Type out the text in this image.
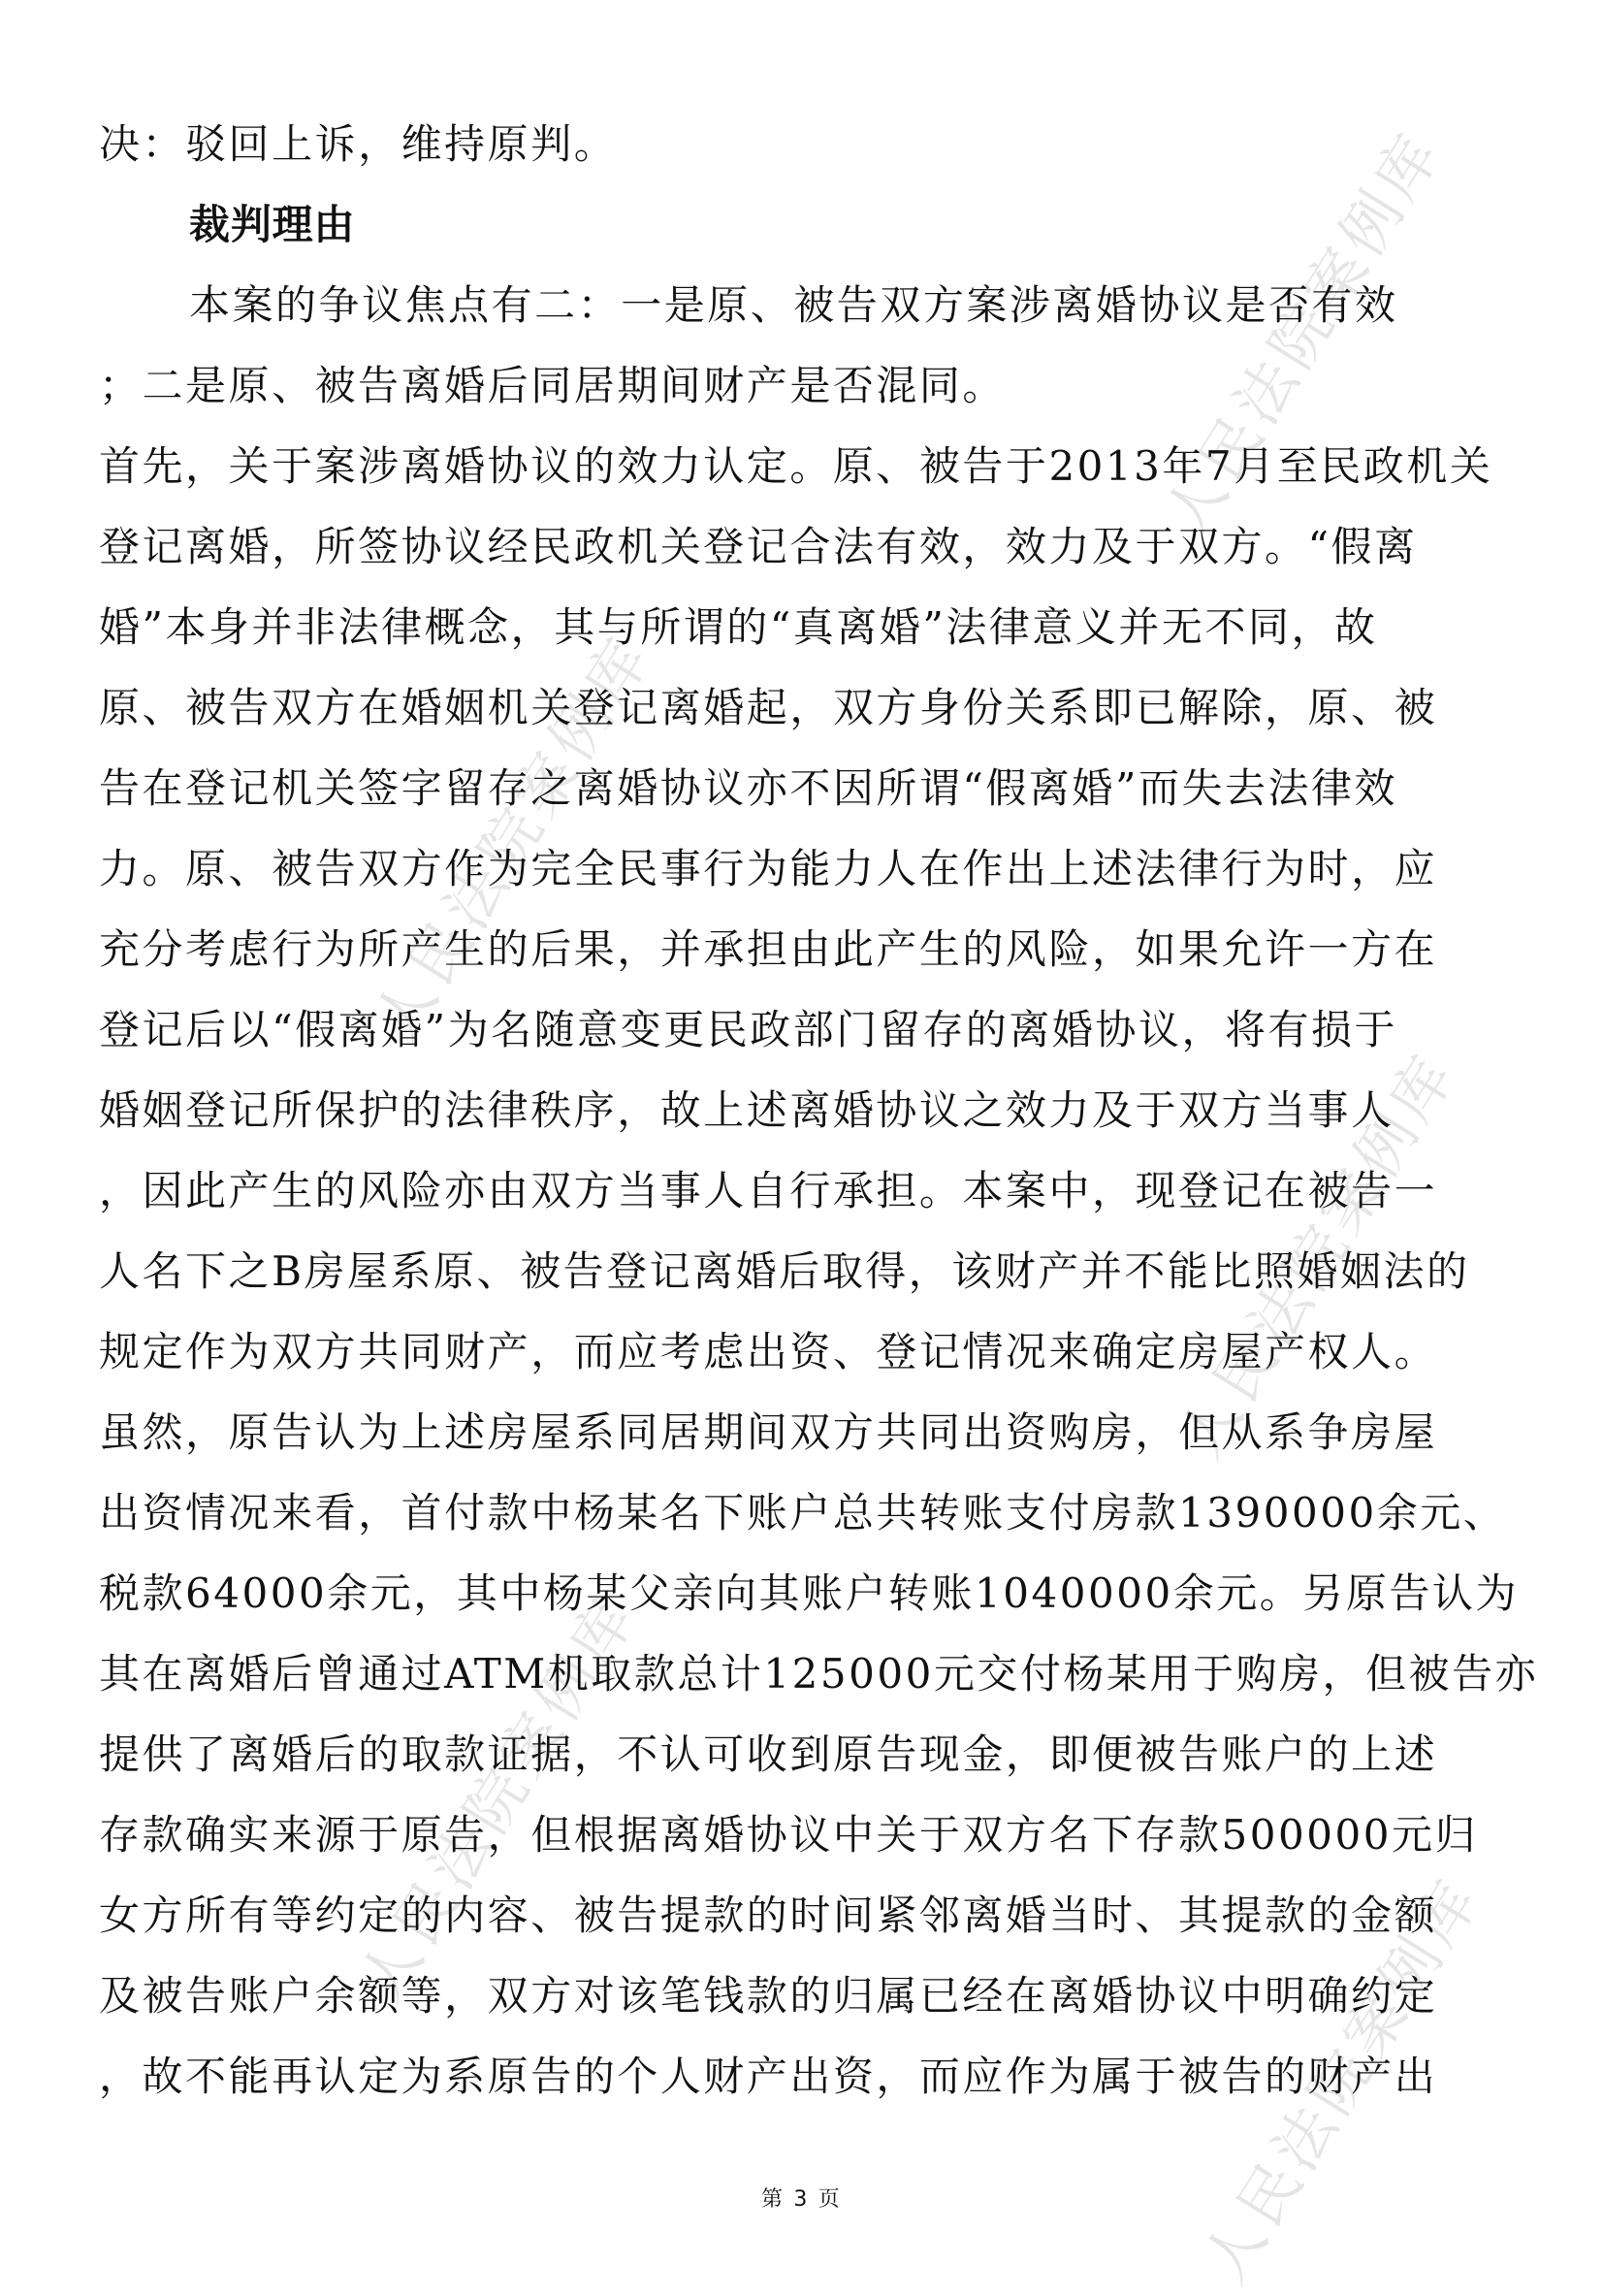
人民法院案例库
人民法院案例库
人民法院案例库
人民法院案例库
人民法院案例库
决：驳回上诉，维持原判。
裁判理由
本案的争议焦点有二：一是原、被告双方案涉离婚协议是否有效
；二是原、被告离婚后同居期间财产是否混同。
首先，关于案涉离婚协议的效力认定。原、被告于2013年7月至民政机关
登记离婚，所签协议经民政机关登记合法有效，效力及于双方。“假离
婚”本身并非法律概念，其与所谓的“真离婚”法律意义并无不同，故
原、被告双方在婚姻机关登记离婚起，双方身份关系即已解除，原、被
告在登记机关签字留存之离婚协议亦不因所谓“假离婚”而失去法律效
力。原、被告双方作为完全民事行为能力人在作出上述法律行为时，应
充分考虑行为所产生的后果，并承担由此产生的风险，如果允许一方在
登记后以“假离婚”为名随意变更民政部门留存的离婚协议，将有损于
婚姻登记所保护的法律秩序，故上述离婚协议之效力及于双方当事人
，因此产生的风险亦由双方当事人自行承担。本案中，现登记在被告一
人名下之B房屋系原、被告登记离婚后取得，该财产并不能比照婚姻法的
规定作为双方共同财产，而应考虑出资、登记情况来确定房屋产权人。
虽然，原告认为上述房屋系同居期间双方共同出资购房，但从系争房屋
出资情况来看，首付款中杨某名下账户总共转账支付房款1390000余元、
税款64000余元，其中杨某父亲向其账户转账1040000余元。另原告认为
其在离婚后曾通过ATM机取款总计125000元交付杨某用于购房，但被告亦
提供了离婚后的取款证据，不认可收到原告现金，即便被告账户的上述
存款确实来源于原告，但根据离婚协议中关于双方名下存款500000元归
女方所有等约定的内容、被告提款的时间紧邻离婚当时、其提款的金额
及被告账户余额等，双方对该笔钱款的归属已经在离婚协议中明确约定
，故不能再认定为系原告的个人财产出资，而应作为属于被告的财产出
第 3 页
